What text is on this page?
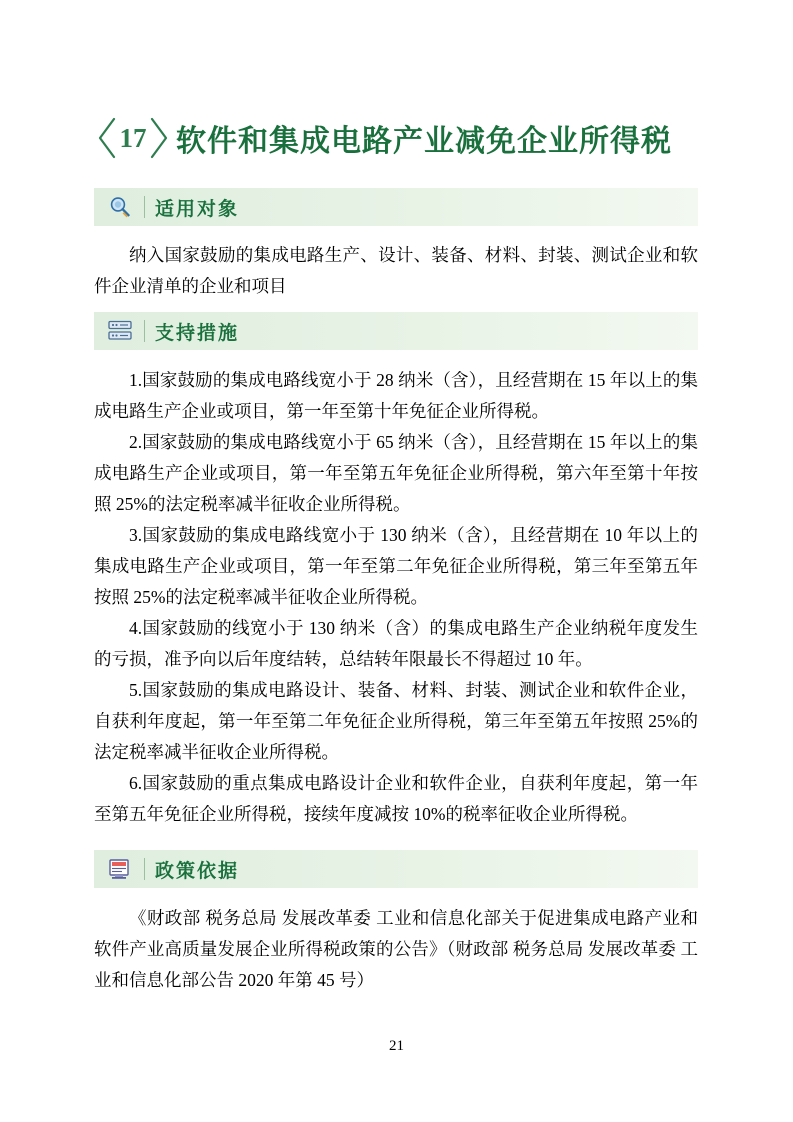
17 软件和集成电路产业减免企业所得税
适用对象
纳入国家鼓励的集成电路生产、设计、装备、材料、封装、测试企业和软件企业清单的企业和项目
支持措施
1.国家鼓励的集成电路线宽小于 28 纳米（含），且经营期在 15 年以上的集成电路生产企业或项目，第一年至第十年免征企业所得税。
2.国家鼓励的集成电路线宽小于 65 纳米（含），且经营期在 15 年以上的集成电路生产企业或项目，第一年至第五年免征企业所得税，第六年至第十年按照 25%的法定税率减半征收企业所得税。
3.国家鼓励的集成电路线宽小于 130 纳米（含），且经营期在 10 年以上的集成电路生产企业或项目，第一年至第二年免征企业所得税，第三年至第五年按照 25%的法定税率减半征收企业所得税。
4.国家鼓励的线宽小于 130 纳米（含）的集成电路生产企业纳税年度发生的亏损，准予向以后年度结转，总结转年限最长不得超过 10 年。
5.国家鼓励的集成电路设计、装备、材料、封装、测试企业和软件企业，自获利年度起，第一年至第二年免征企业所得税，第三年至第五年按照 25%的法定税率减半征收企业所得税。
6.国家鼓励的重点集成电路设计企业和软件企业，自获利年度起，第一年至第五年免征企业所得税，接续年度减按 10%的税率征收企业所得税。
政策依据
《财政部 税务总局 发展改革委 工业和信息化部关于促进集成电路产业和软件产业高质量发展企业所得税政策的公告》（财政部 税务总局 发展改革委 工业和信息化部公告 2020 年第 45 号）
21
